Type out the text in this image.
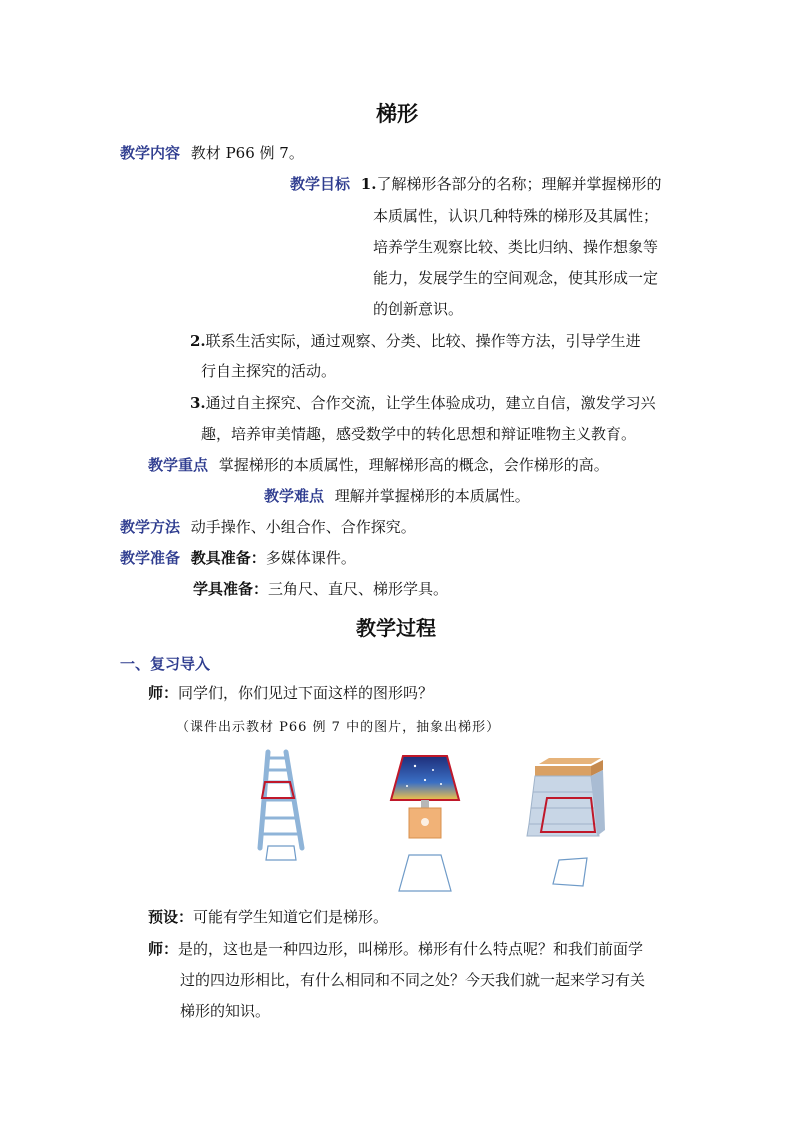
梯形
教学内容 教材 P66 例 7。
教学目标 1.了解梯形各部分的名称；理解并掌握梯形的
本质属性，认识几种特殊的梯形及其属性；
培养学生观察比较、类比归纳、操作想象等
能力，发展学生的空间观念，使其形成一定
的创新意识。
2.联系生活实际，通过观察、分类、比较、操作等方法，引导学生进
行自主探究的活动。
3.通过自主探究、合作交流，让学生体验成功，建立自信，激发学习兴
趣，培养审美情趣，感受数学中的转化思想和辩证唯物主义教育。
教学重点 掌握梯形的本质属性，理解梯形高的概念，会作梯形的高。
教学难点 理解并掌握梯形的本质属性。
教学方法 动手操作、小组合作、合作探究。
教学准备 教具准备：多媒体课件。
学具准备：三角尺、直尺、梯形学具。
教学过程
一、复习导入
师：同学们，你们见过下面这样的图形吗？
（课件出示教材 P66 例 7 中的图片，抽象出梯形）
预设：可能有学生知道它们是梯形。
师：是的，这也是一种四边形，叫梯形。梯形有什么特点呢？和我们前面学
过的四边形相比，有什么相同和不同之处？今天我们就一起来学习有关
梯形的知识。
